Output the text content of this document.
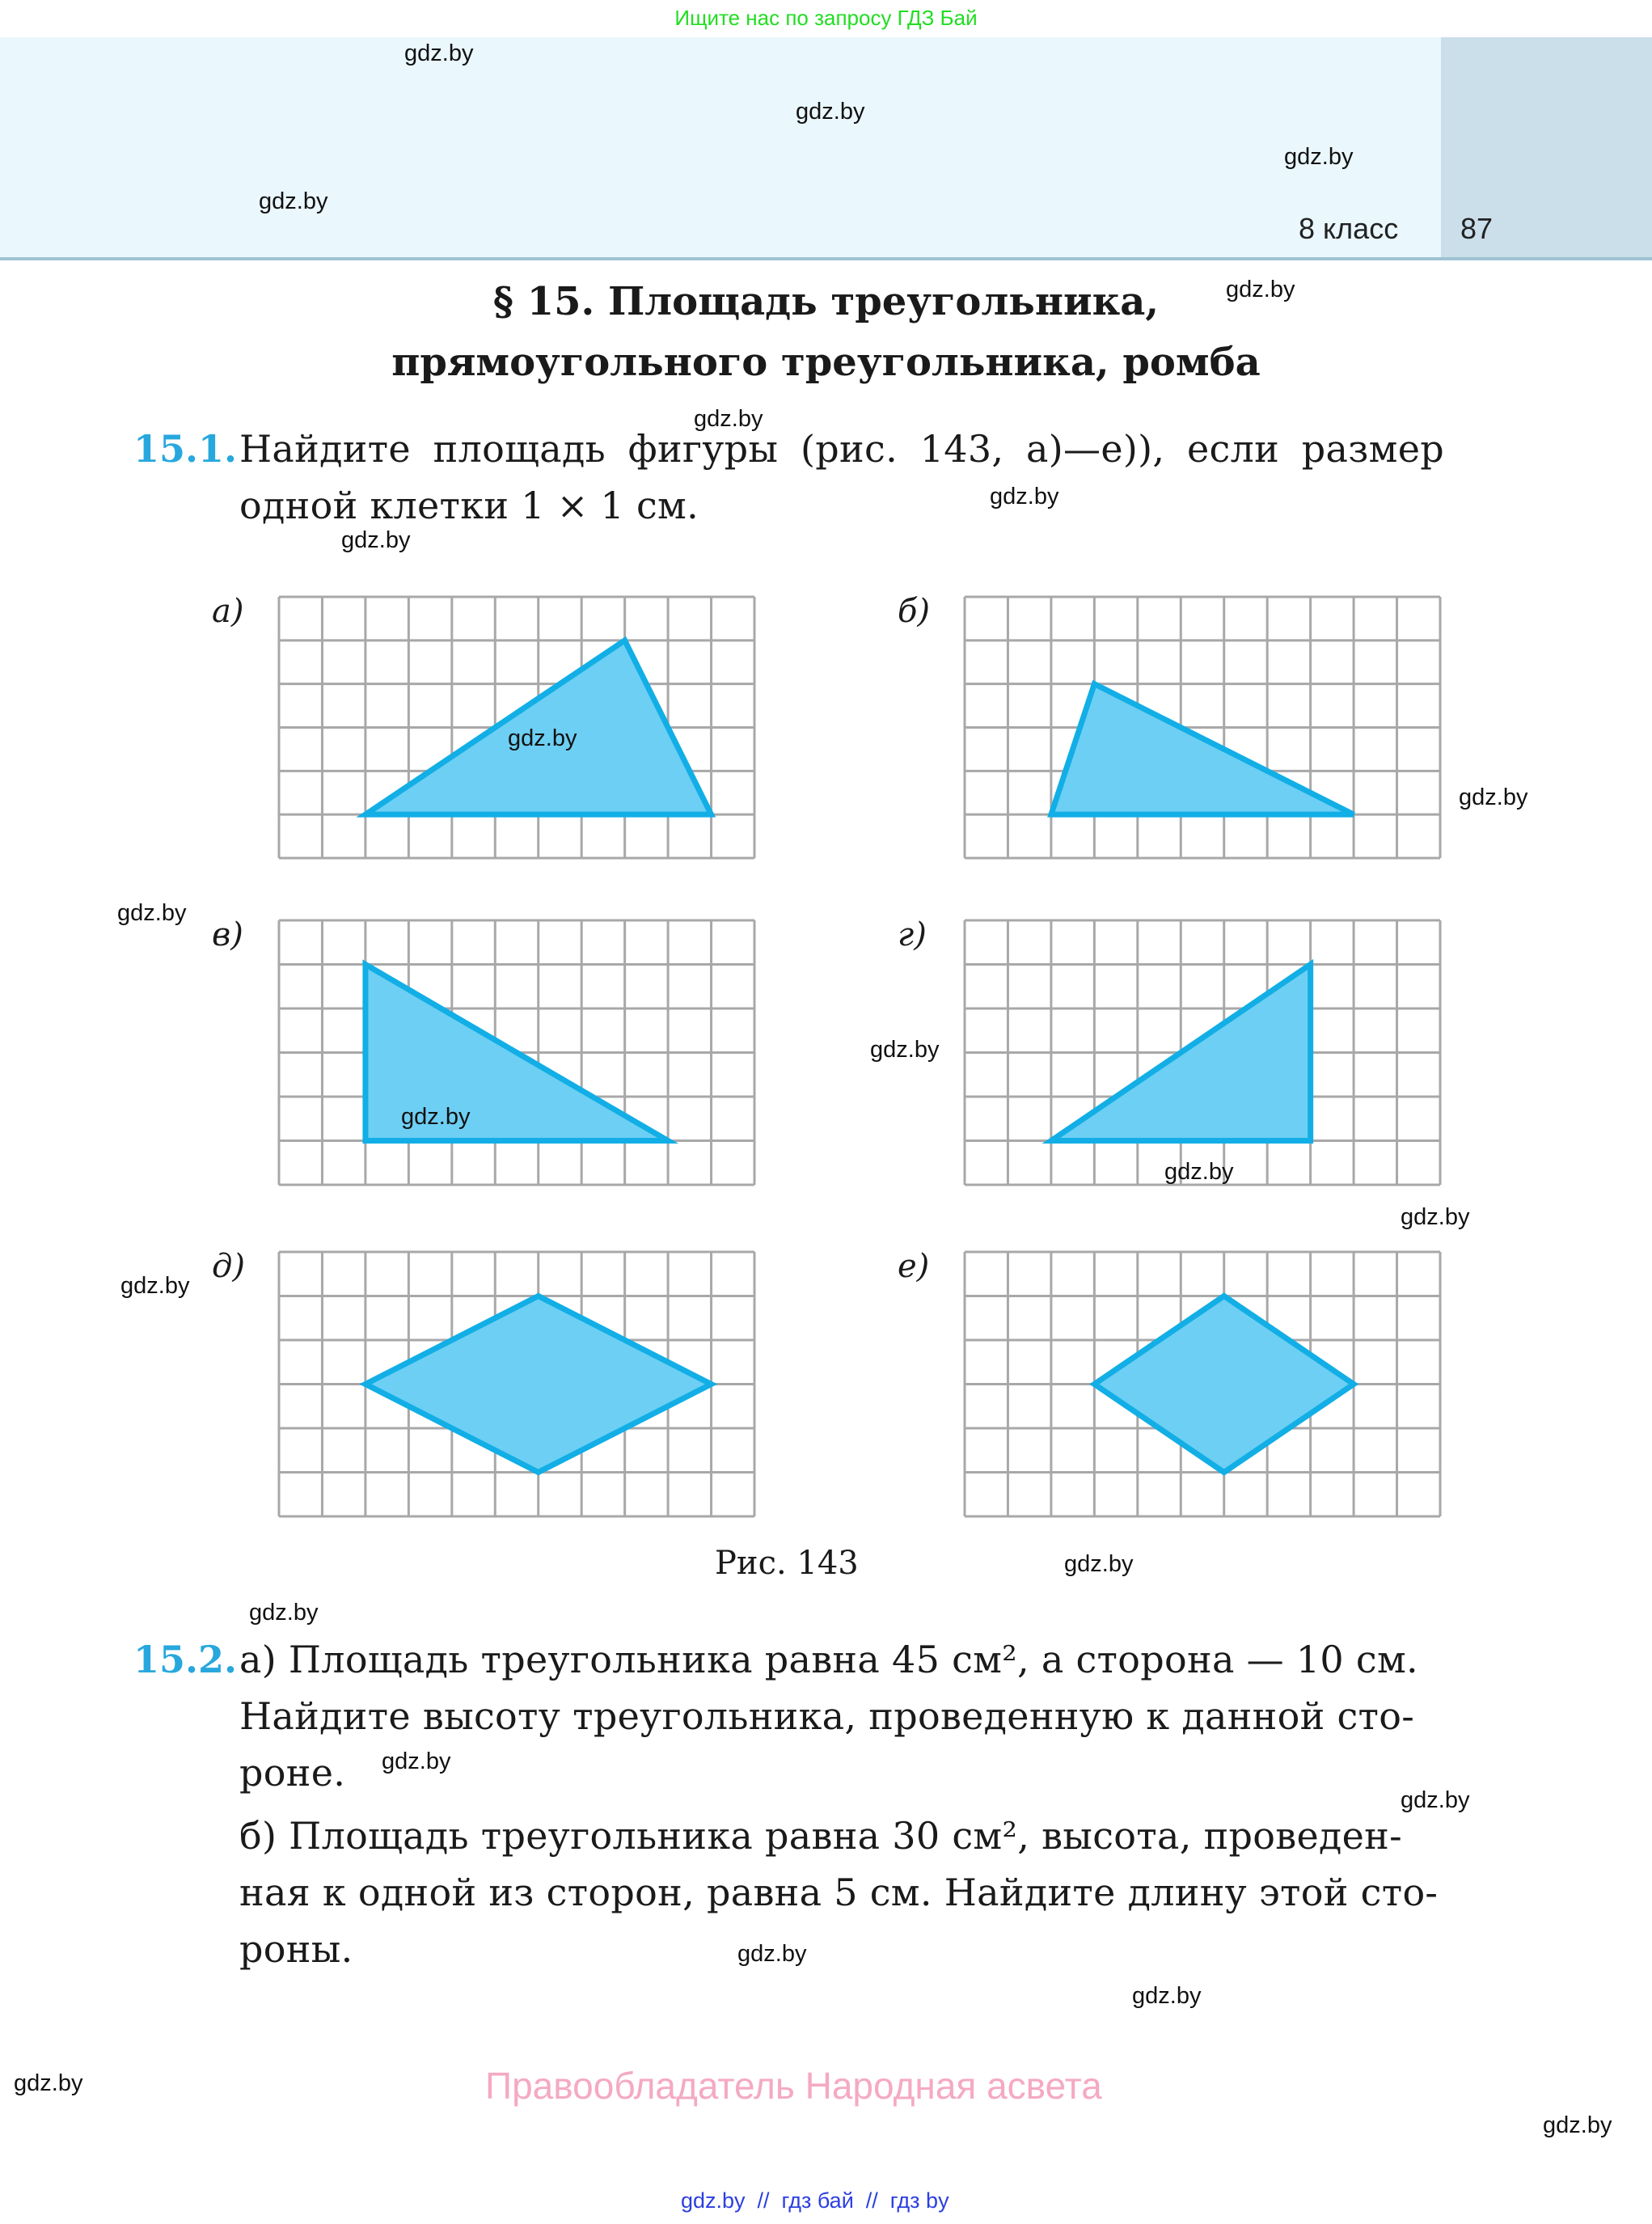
Ищите нас по запросу ГДЗ Бай
8 класс 87
§ 15. Площадь треугольника,
прямоугольного треугольника, ромба
15.1. Найдите площадь фигуры (рис. 143, а)—е)), если размер
одной клетки 1 × 1 см.
а)	б)
в)	г)
д)	е)
Рис. 143
15.2. а) Площадь треугольника равна 45 см², а сторона — 10 см.
Найдите высоту треугольника, проведенную к данной сто-
роне.
б) Площадь треугольника равна 30 см², высота, проведен-
ная к одной из сторон, равна 5 см. Найдите длину этой сто-
роны.
Правообладатель Народная асвета
gdz.by  //  гдз бай  //  гдз by
gdz.by
gdz.by
gdz.by
gdz.by
gdz.by
gdz.by
gdz.by
gdz.by
gdz.by
gdz.by
gdz.by
gdz.by
gdz.by
gdz.by
gdz.by
gdz.by
gdz.by
gdz.by
gdz.by
gdz.by
gdz.by
gdz.by
gdz.by
gdz.by
